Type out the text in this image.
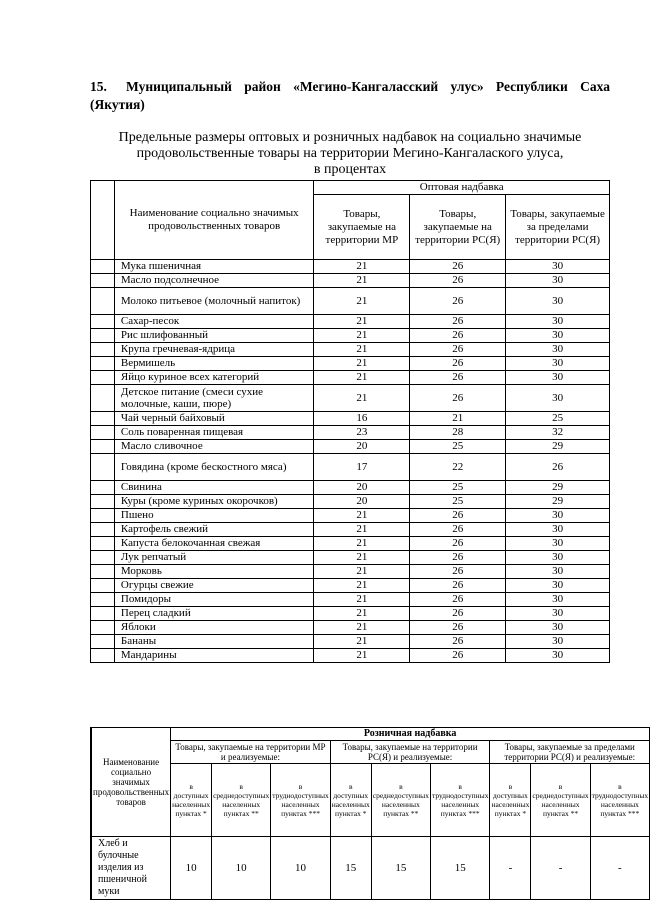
15. Муниципальный район «Мегино-Кангаласский улус» Республики Саха (Якутия)
Предельные размеры оптовых и розничных надбавок на социально значимые
продовольственные товары на территории Мегино-Кангалаского улуса,
в процентах
	Наименование социально значимых продовольственных товаров	Оптовая надбавка		
		Товары, закупаемые на территории МР	Товары, закупаемые на территории РС(Я)	Товары, закупаемые за пределами территории РС(Я)
	Мука пшеничная	21	26	30
	Масло подсолнечное	21	26	30
	Молоко питьевое (молочный напиток)	21	26	30
	Сахар-песок	21	26	30
	Рис шлифованный	21	26	30
	Крупа гречневая-ядрица	21	26	30
	Вермишель	21	26	30
	Яйцо куриное всех категорий	21	26	30
	Детское питание (смеси сухие молочные, каши, пюре)	21	26	30
	Чай черный байховый	16	21	25
	Соль поваренная пищевая	23	28	32
	Масло сливочное	20	25	29
	Говядина (кроме бескостного мяса)	17	22	26
	Свинина	20	25	29
	Куры (кроме куриных окорочков)	20	25	29
	Пшено	21	26	30
	Картофель свежий	21	26	30
	Капуста белокочанная свежая	21	26	30
	Лук репчатый	21	26	30
	Морковь	21	26	30
	Огурцы свежие	21	26	30
	Помидоры	21	26	30
	Перец сладкий	21	26	30
	Яблоки	21	26	30
	Бананы	21	26	30
	Мандарины	21	26	30
	Наименование социально значимых продовольственных товаров	Розничная надбавка								
	Товары, закупаемые на территории МР и реализуемые:			Товары, закупаемые на территории РС(Я) и реализуемые:			Товары, закупаемые за пределами территории РС(Я) и реализуемые:		
	в доступных населенных пунктах *	в среднедоступных населенных пунктах **	в труднодоступных населенных пунктах ***	в доступных населенных пунктах *	в среднедоступных населенных пунктах **	в труднодоступных населенных пунктах ***	в доступных населенных пунктах *	в среднедоступных населенных пунктах **	в труднодоступных населенных пунктах ***
	Хлеб и булочные изделия из пшеничной муки	10	10	10	15	15	15	-	-	-
